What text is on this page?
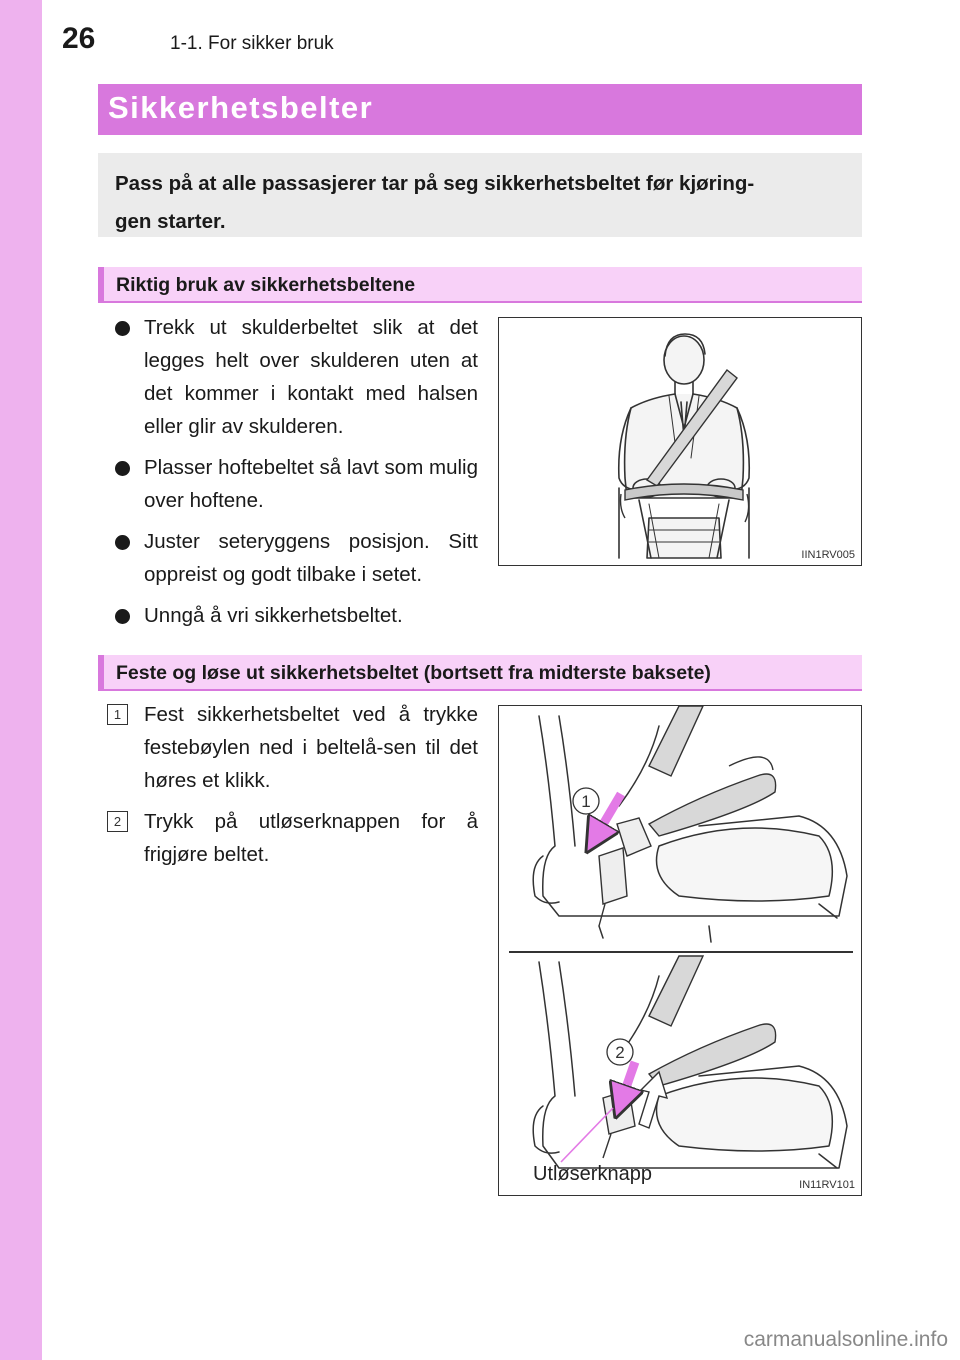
26	1-1. For sikker bruk
Sikkerhetsbelter
Pass på at alle passasjerer tar på seg sikkerhetsbeltet før kjøring-
gen starter.
Riktig bruk av sikkerhetsbeltene
Trekk ut skulderbeltet slik at det legges helt over skulderen uten at det kommer i kontakt med halsen eller glir av skulderen.
Plasser hoftebeltet så lavt som mulig over hoftene.
Juster seteryggens posisjon. Sitt oppreist og godt tilbake i setet.
Unngå å vri sikkerhetsbeltet.
IIN1RV005
Feste og løse ut sikkerhetsbeltet (bortsett fra midterste baksete)
1	Fest sikkerhetsbeltet ved å trykke festebøylen ned i beltelå-sen til det høres et klikk.
2	Trykk på utløserknappen for å frigjøre beltet.
1
2
Utløserknapp	IN11RV101
carmanualsonline.info
